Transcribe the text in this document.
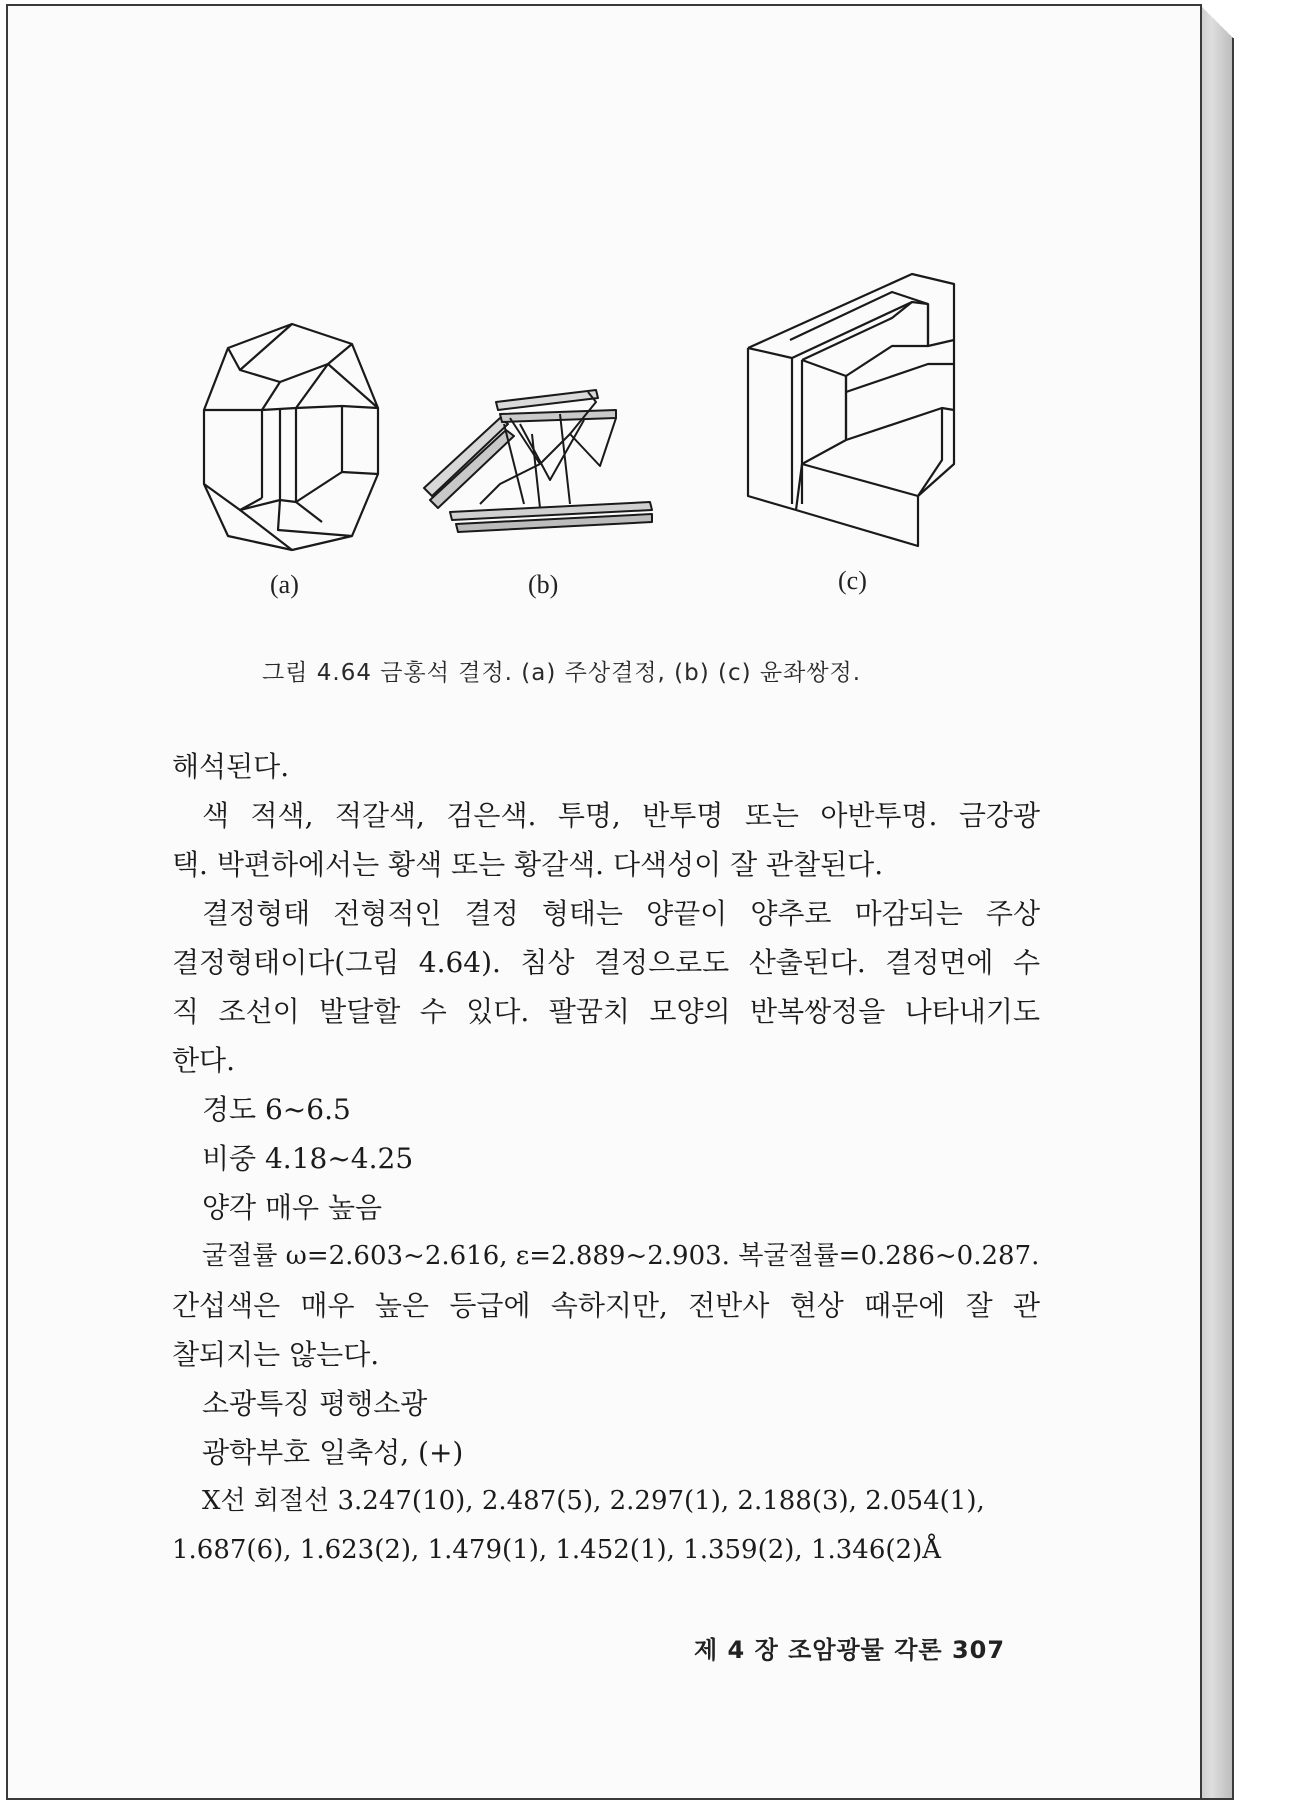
(a)	(b)	(c)
그림 4.64 금홍석 결정. (a) 주상결정, (b) (c) 윤좌쌍정.
해석된다.
색 적색, 적갈색, 검은색. 투명, 반투명 또는 아반투명. 금강광
택. 박편하에서는 황색 또는 황갈색. 다색성이 잘 관찰된다.
결정형태 전형적인 결정 형태는 양끝이 양추로 마감되는 주상
결정형태이다(그림 4.64). 침상 결정으로도 산출된다. 결정면에 수
직 조선이 발달할 수 있다. 팔꿈치 모양의 반복쌍정을 나타내기도
한다.
경도 6~6.5
비중 4.18~4.25
양각 매우 높음
굴절률 ω=2.603~2.616, ε=2.889~2.903. 복굴절률=0.286~0.287.
간섭색은 매우 높은 등급에 속하지만, 전반사 현상 때문에 잘 관
찰되지는 않는다.
소광특징 평행소광
광학부호 일축성, (+)
X선 회절선 3.247(10), 2.487(5), 2.297(1), 2.188(3), 2.054(1),
1.687(6), 1.623(2), 1.479(1), 1.452(1), 1.359(2), 1.346(2)Å
제 4 장 조암광물 각론 307
